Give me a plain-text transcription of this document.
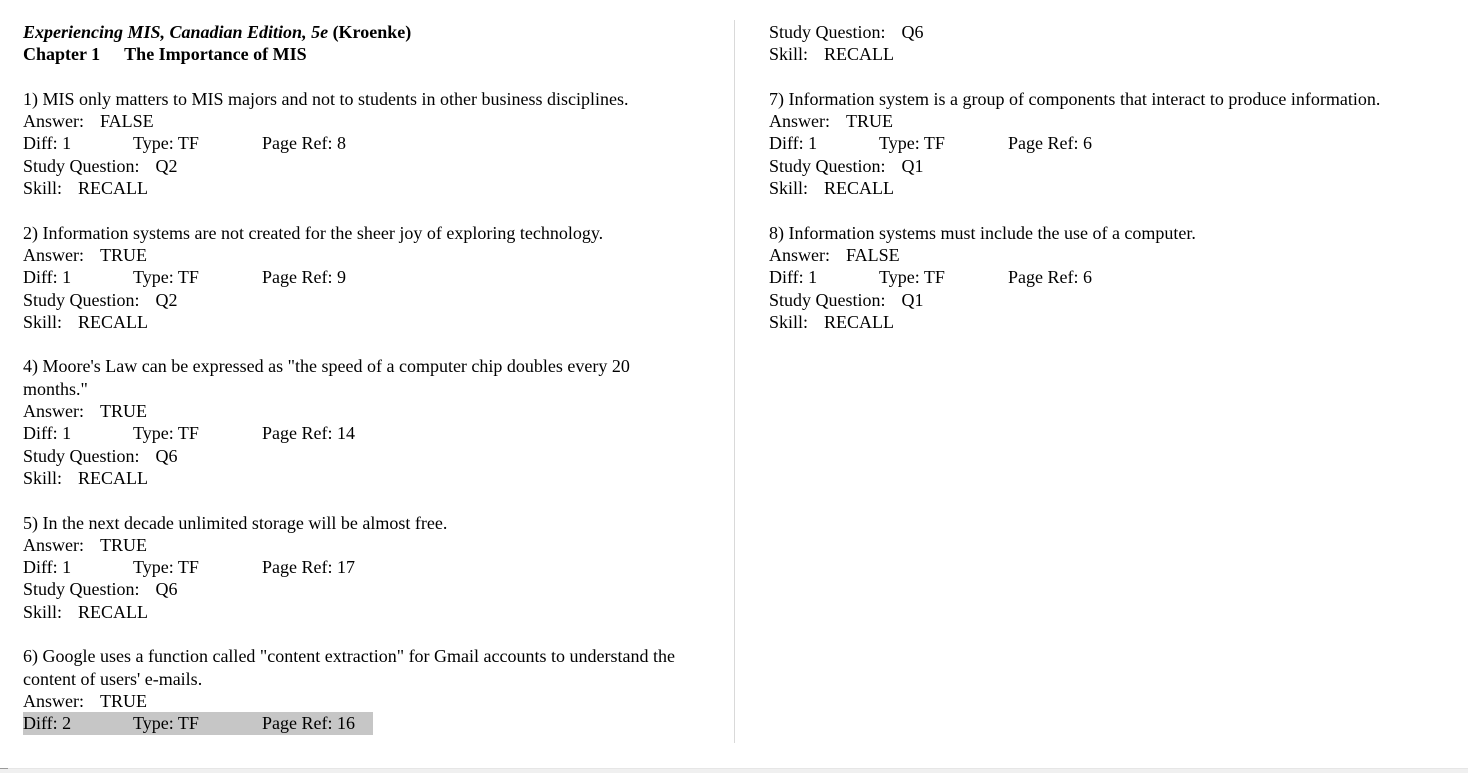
Experiencing MIS, Canadian Edition, 5e (Kroenke)
Chapter 1 The Importance of MIS
1) MIS only matters to MIS majors and not to students in other business disciplines.
Answer: FALSE
Diff: 1	Type: TF	Page Ref: 8
Study Question: Q2
Skill: RECALL
2) Information systems are not created for the sheer joy of exploring technology.
Answer: TRUE
Diff: 1	Type: TF	Page Ref: 9
Study Question: Q2
Skill: RECALL
4) Moore's Law can be expressed as "the speed of a computer chip doubles every 20 months."
Answer: TRUE
Diff: 1	Type: TF	Page Ref: 14
Study Question: Q6
Skill: RECALL
5) In the next decade unlimited storage will be almost free.
Answer: TRUE
Diff: 1	Type: TF	Page Ref: 17
Study Question: Q6
Skill: RECALL
6) Google uses a function called "content extraction" for Gmail accounts to understand the content of users' e-mails.
Answer: TRUE
Diff: 2	Type: TF	Page Ref: 16
Study Question: Q6
Skill: RECALL
7) Information system is a group of components that interact to produce information.
Answer: TRUE
Diff: 1	Type: TF	Page Ref: 6
Study Question: Q1
Skill: RECALL
8) Information systems must include the use of a computer.
Answer: FALSE
Diff: 1	Type: TF	Page Ref: 6
Study Question: Q1
Skill: RECALL
